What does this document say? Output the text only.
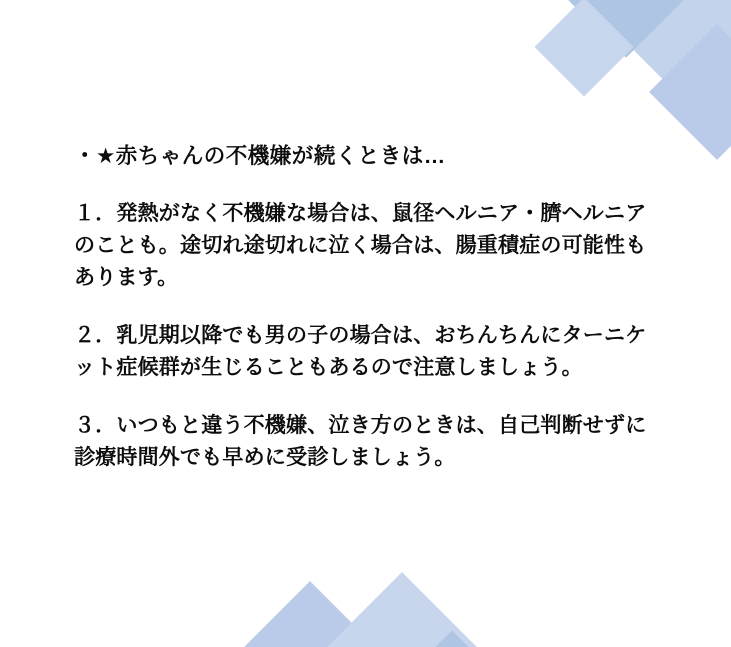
・★赤ちゃんの不機嫌が続くときは…

１．発熱がなく不機嫌な場合は、鼠径ヘルニア・臍ヘルニアのことも。途切れ途切れに泣く場合は、腸重積症の可能性もあります。

２．乳児期以降でも男の子の場合は、おちんちんにターニケット症候群が生じることもあるので注意しましょう。

３．いつもと違う不機嫌、泣き方のときは、自己判断せずに診療時間外でも早めに受診しましょう。
